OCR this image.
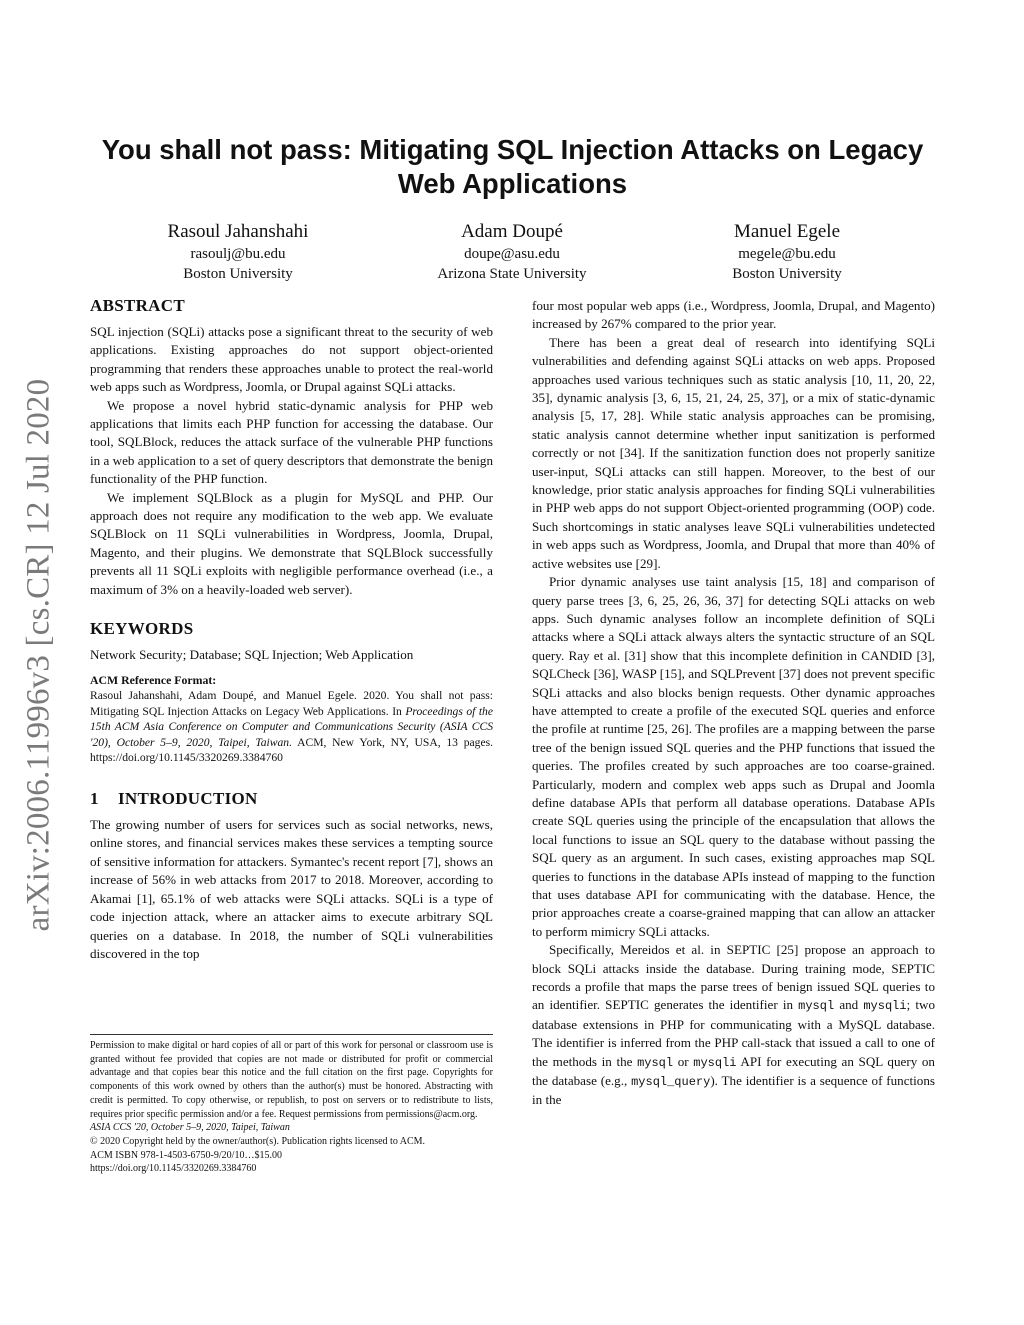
arXiv:2006.11996v3 [cs.CR] 12 Jul 2020
You shall not pass: Mitigating SQL Injection Attacks on Legacy Web Applications
Rasoul Jahanshahi
rasoulj@bu.edu
Boston University
Adam Doupé
doupe@asu.edu
Arizona State University
Manuel Egele
megele@bu.edu
Boston University
ABSTRACT

SQL injection (SQLi) attacks pose a significant threat to the security of web applications. Existing approaches do not support object-oriented programming that renders these approaches unable to protect the real-world web apps such as Wordpress, Joomla, or Drupal against SQLi attacks.

We propose a novel hybrid static-dynamic analysis for PHP web applications that limits each PHP function for accessing the database. Our tool, SQLBlock, reduces the attack surface of the vulnerable PHP functions in a web application to a set of query descriptors that demonstrate the benign functionality of the PHP function.

We implement SQLBlock as a plugin for MySQL and PHP. Our approach does not require any modification to the web app. We evaluate SQLBlock on 11 SQLi vulnerabilities in Wordpress, Joomla, Drupal, Magento, and their plugins. We demonstrate that SQLBlock successfully prevents all 11 SQLi exploits with negligible performance overhead (i.e., a maximum of 3% on a heavily-loaded web server).

KEYWORDS

Network Security; Database; SQL Injection; Web Application

ACM Reference Format:
Rasoul Jahanshahi, Adam Doupé, and Manuel Egele. 2020. You shall not pass: Mitigating SQL Injection Attacks on Legacy Web Applications. In Proceedings of the 15th ACM Asia Conference on Computer and Communications Security (ASIA CCS '20), October 5–9, 2020, Taipei, Taiwan. ACM, New York, NY, USA, 13 pages. https://doi.org/10.1145/3320269.3384760
1 INTRODUCTION

The growing number of users for services such as social networks, news, online stores, and financial services makes these services a tempting source of sensitive information for attackers. Symantec's recent report [7], shows an increase of 56% in web attacks from 2017 to 2018. Moreover, according to Akamai [1], 65.1% of web attacks were SQLi attacks. SQLi is a type of code injection attack, where an attacker aims to execute arbitrary SQL queries on a database. In 2018, the number of SQLi vulnerabilities discovered in the top

Permission to make digital or hard copies of all or part of this work for personal or classroom use is granted without fee provided that copies are not made or distributed for profit or commercial advantage and that copies bear this notice and the full citation on the first page. Copyrights for components of this work owned by others than the author(s) must be honored. Abstracting with credit is permitted. To copy otherwise, or republish, to post on servers or to redistribute to lists, requires prior specific permission and/or a fee. Request permissions from permissions@acm.org.
ASIA CCS '20, October 5–9, 2020, Taipei, Taiwan
© 2020 Copyright held by the owner/author(s). Publication rights licensed to ACM.
ACM ISBN 978-1-4503-6750-9/20/10…$15.00
https://doi.org/10.1145/3320269.3384760

four most popular web apps (i.e., Wordpress, Joomla, Drupal, and Magento) increased by 267% compared to the prior year.

There has been a great deal of research into identifying SQLi vulnerabilities and defending against SQLi attacks on web apps. Proposed approaches used various techniques such as static analysis [10, 11, 20, 22, 35], dynamic analysis [3, 6, 15, 21, 24, 25, 37], or a mix of static-dynamic analysis [5, 17, 28]. While static analysis approaches can be promising, static analysis cannot determine whether input sanitization is performed correctly or not [34]. If the sanitization function does not properly sanitize user-input, SQLi attacks can still happen. Moreover, to the best of our knowledge, prior static analysis approaches for finding SQLi vulnerabilities in PHP web apps do not support Object-oriented programming (OOP) code. Such shortcomings in static analyses leave SQLi vulnerabilities undetected in web apps such as Wordpress, Joomla, and Drupal that more than 40% of active websites use [29].

Prior dynamic analyses use taint analysis [15, 18] and comparison of query parse trees [3, 6, 25, 26, 36, 37] for detecting SQLi attacks on web apps. Such dynamic analyses follow an incomplete definition of SQLi attacks where a SQLi attack always alters the syntactic structure of an SQL query. Ray et al. [31] show that this incomplete definition in CANDID [3], SQLCheck [36], WASP [15], and SQLPrevent [37] does not prevent specific SQLi attacks and also blocks benign requests. Other dynamic approaches have attempted to create a profile of the executed SQL queries and enforce the profile at runtime [25, 26]. The profiles are a mapping between the parse tree of the benign issued SQL queries and the PHP functions that issued the queries. The profiles created by such approaches are too coarse-grained. Particularly, modern and complex web apps such as Drupal and Joomla define database APIs that perform all database operations. Database APIs create SQL queries using the principle of the encapsulation that allows the local functions to issue an SQL query to the database without passing the SQL query as an argument. In such cases, existing approaches map SQL queries to functions in the database APIs instead of mapping to the function that uses database API for communicating with the database. Hence, the prior approaches create a coarse-grained mapping that can allow an attacker to perform mimicry SQLi attacks.

Specifically, Mereidos et al. in SEPTIC [25] propose an approach to block SQLi attacks inside the database. During training mode, SEPTIC records a profile that maps the parse trees of benign issued SQL queries to an identifier. SEPTIC generates the identifier in mysql and mysqli; two database extensions in PHP for communicating with a MySQL database. The identifier is inferred from the PHP call-stack that issued a call to one of the methods in the mysql or mysqli API for executing an SQL query on the database (e.g., mysql_query). The identifier is a sequence of functions in the
